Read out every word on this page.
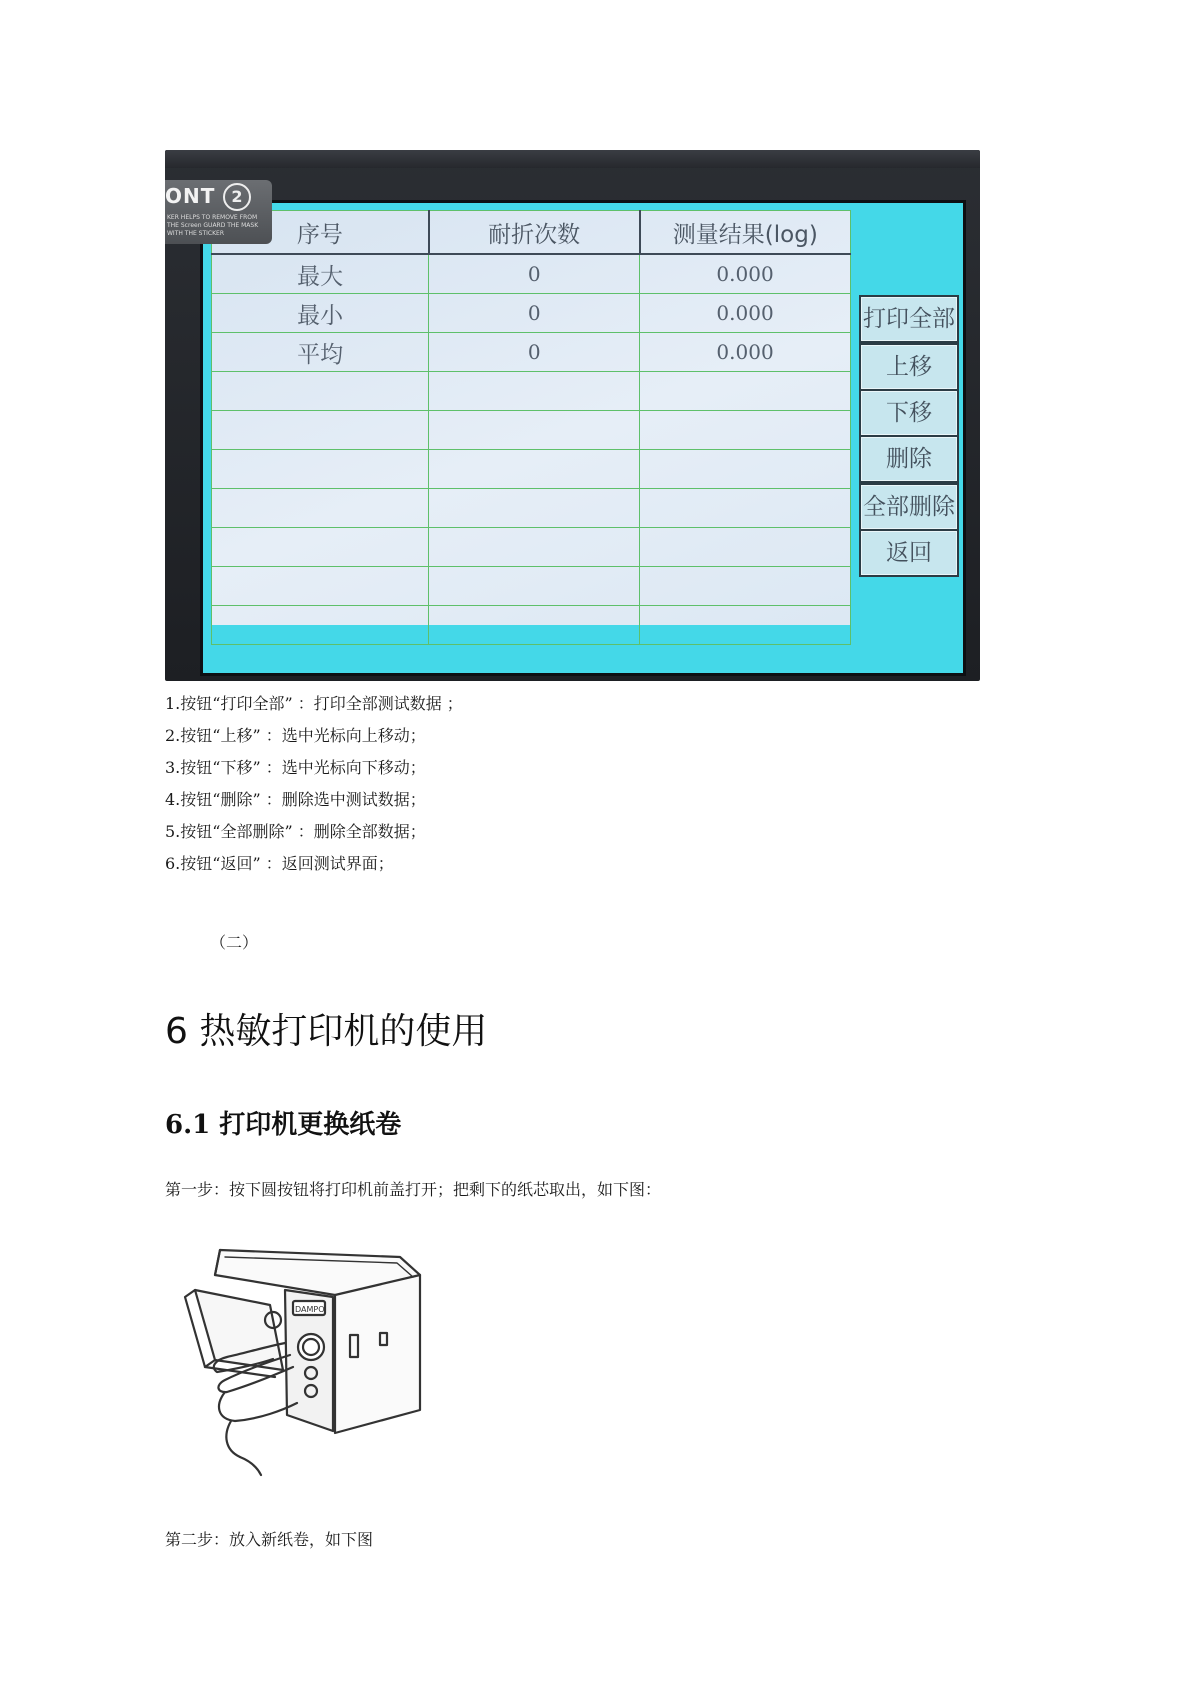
ONT	2
KER HELPS TO REMOVE FROM THE Screen GUARD THE MASK WITH THE STICKER	序号	耐折次数	测量结果(log)
最大	0	0.000
最小	0	0.000
平均	0	0.000

打印全部
上移
下移
删除
全部删除
返回
1.按钮“打印全部” ：打印全部测试数据 ；
2.按钮“上移” ：选中光标向上移动；
3.按钮“下移” ：选中光标向下移动；
4.按钮“删除” ：删除选中测试数据；
5.按钮“全部删除” ：删除全部数据；
6.按钮“返回” ：返回测试界面；
（二）
6 热敏打印机的使用
6.1 打印机更换纸卷
第一步：按下圆按钮将打印机前盖打开；把剩下的纸芯取出，如下图：
DAMPO
第二步：放入新纸卷，如下图
